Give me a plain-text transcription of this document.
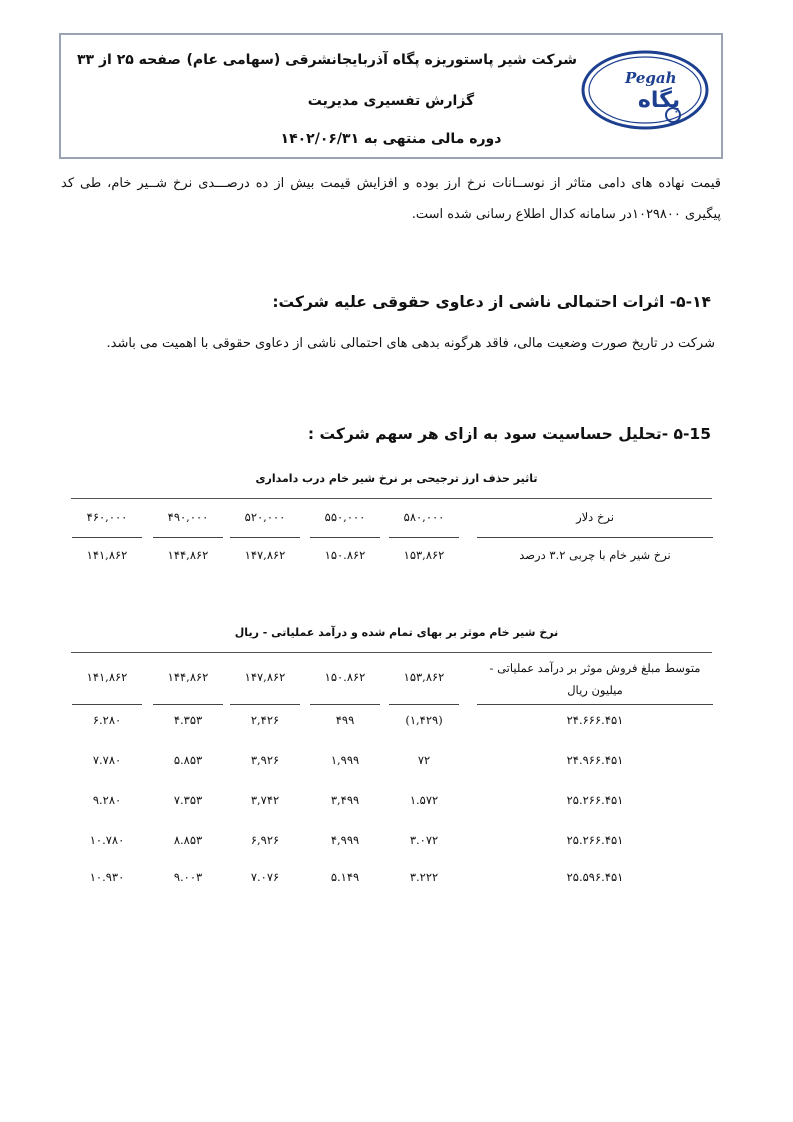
شرکت شیر پاستوریزه پگاه آذربایجانشرقی (سهامی عام)
صفحه ۲۵ از ۳۳
گزارش تفسیری مدیریت
دوره مالی منتهی به ۱۴۰۲/۰۶/۳۱
Pegah
پگاه
قیمت نهاده های دامی متاثر از نوســانات نرخ ارز بوده و افزایش قیمت بیش از ده درصـــدی نرخ شــیر خام، طی کد
پیگیری ۱۰۲۹۸۰۰در سامانه کدال اطلاع رسانی شده است.
۵-۱۴- اثرات احتمالی ناشی از دعاوی حقوقی علیه شرکت:
شرکت در تاریخ صورت وضعیت مالی، فاقد هرگونه بدهی های احتمالی ناشی از دعاوی حقوقی با اهمیت می باشد.
۵-15 -تحلیل حساسیت سود به ازای هر سهم شرکت :
تاثیر حذف ارز ترجیحی بر نرخ شیر خام درب دامداری
نرخ دلار
۵۸۰,۰۰۰
۵۵۰,۰۰۰
۵۲۰,۰۰۰
۴۹۰,۰۰۰
۴۶۰,۰۰۰
نرخ شیر خام با چربی ۳.۲ درصد
۱۵۳,۸۶۲
۱۵۰.۸۶۲
۱۴۷,۸۶۲
۱۴۴,۸۶۲
۱۴۱,۸۶۲
نرخ شیر خام موثر بر بهای تمام شده و درآمد عملیاتی - ریال
متوسط مبلغ فروش موثر بر درآمد عملیاتی -
میلیون ریال
۱۵۳,۸۶۲
۱۵۰.۸۶۲
۱۴۷,۸۶۲
۱۴۴,۸۶۲
۱۴۱,۸۶۲
۲۴.۶۶۶.۴۵۱
(۱,۴۲۹)
۴۹۹
۲,۴۲۶
۴.۳۵۳
۶.۲۸۰
۲۴.۹۶۶.۴۵۱
۷۲
۱,۹۹۹
۳,۹۲۶
۵.۸۵۳
۷.۷۸۰
۲۵.۲۶۶.۴۵۱
۱.۵۷۲
۳,۴۹۹
۳,۷۴۲
۷.۳۵۳
۹.۲۸۰
۲۵.۲۶۶.۴۵۱
۳.۰۷۲
۴,۹۹۹
۶,۹۲۶
۸.۸۵۳
۱۰.۷۸۰
۲۵.۵۹۶.۴۵۱
۳.۲۲۲
۵.۱۴۹
۷.۰۷۶
۹.۰۰۳
۱۰.۹۳۰
